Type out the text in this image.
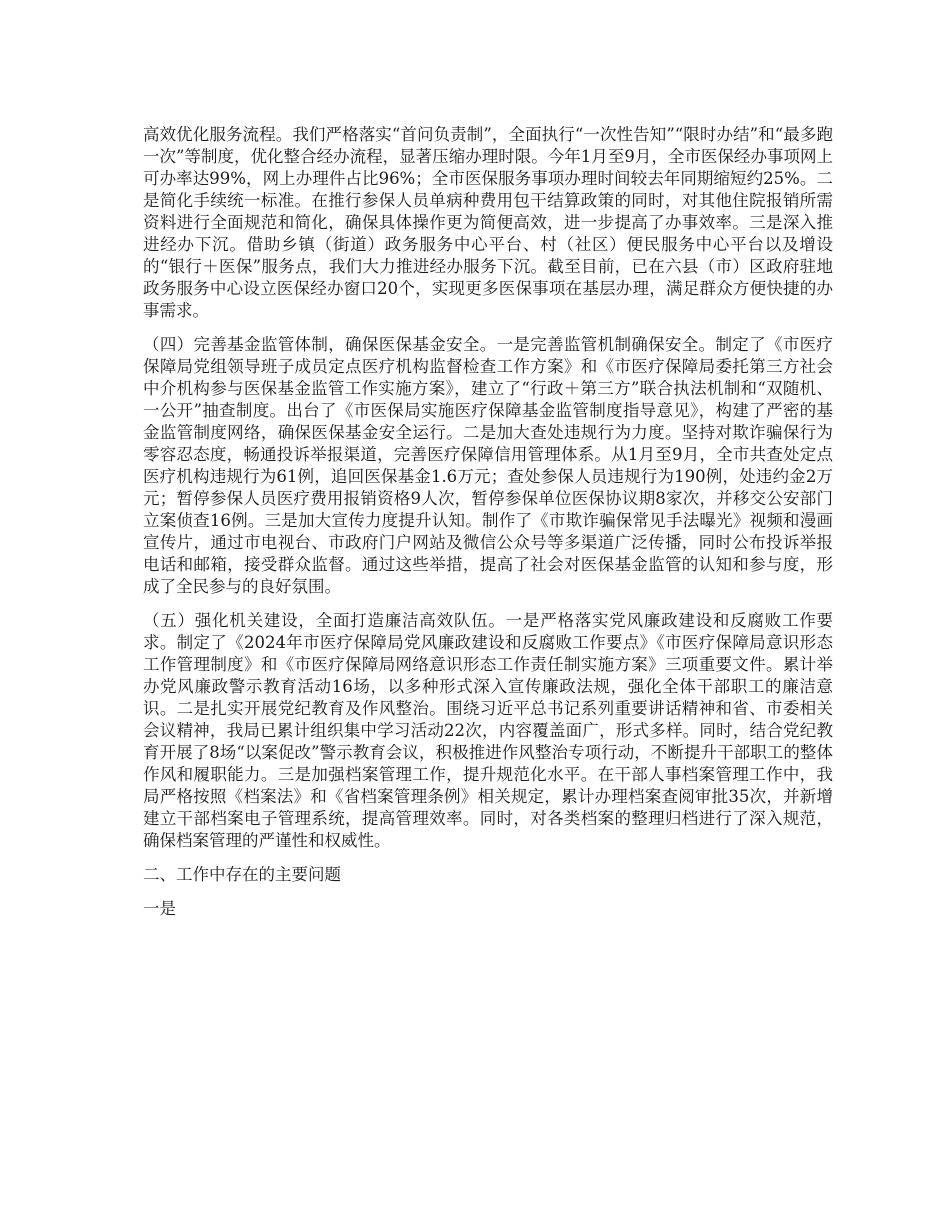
高效优化服务流程。我们严格落实“首问负责制”，全面执行“一次性告知”“限时办结”和“最多跑一次”等制度，优化整合经办流程，显著压缩办理时限。今年1月至9月，全市医保经办事项网上可办率达99%，网上办理件占比96%；全市医保服务事项办理时间较去年同期缩短约25%。二是简化手续统一标准。在推行参保人员单病种费用包干结算政策的同时，对其他住院报销所需资料进行全面规范和简化，确保具体操作更为简便高效，进一步提高了办事效率。三是深入推进经办下沉。借助乡镇（街道）政务服务中心平台、村（社区）便民服务中心平台以及增设的“银行＋医保”服务点，我们大力推进经办服务下沉。截至目前，已在六县（市）区政府驻地政务服务中心设立医保经办窗口20个，实现更多医保事项在基层办理，满足群众方便快捷的办事需求。

（四）完善基金监管体制，确保医保基金安全。一是完善监管机制确保安全。制定了《市医疗保障局党组领导班子成员定点医疗机构监督检查工作方案》和《市医疗保障局委托第三方社会中介机构参与医保基金监管工作实施方案》，建立了“行政＋第三方”联合执法机制和“双随机、一公开”抽查制度。出台了《市医保局实施医疗保障基金监管制度指导意见》，构建了严密的基金监管制度网络，确保医保基金安全运行。二是加大查处违规行为力度。坚持对欺诈骗保行为零容忍态度，畅通投诉举报渠道，完善医疗保障信用管理体系。从1月至9月，全市共查处定点医疗机构违规行为61例，追回医保基金1.6万元；查处参保人员违规行为190例，处违约金2万元；暂停参保人员医疗费用报销资格9人次，暂停参保单位医保协议期8家次，并移交公安部门立案侦查16例。三是加大宣传力度提升认知。制作了《市欺诈骗保常见手法曝光》视频和漫画宣传片，通过市电视台、市政府门户网站及微信公众号等多渠道广泛传播，同时公布投诉举报电话和邮箱，接受群众监督。通过这些举措，提高了社会对医保基金监管的认知和参与度，形成了全民参与的良好氛围。

（五）强化机关建设，全面打造廉洁高效队伍。一是严格落实党风廉政建设和反腐败工作要求。制定了《2024年市医疗保障局党风廉政建设和反腐败工作要点》《市医疗保障局意识形态工作管理制度》和《市医疗保障局网络意识形态工作责任制实施方案》三项重要文件。累计举办党风廉政警示教育活动16场，以多种形式深入宣传廉政法规，强化全体干部职工的廉洁意识。二是扎实开展党纪教育及作风整治。围绕习近平总书记系列重要讲话精神和省、市委相关会议精神，我局已累计组织集中学习活动22次，内容覆盖面广，形式多样。同时，结合党纪教育开展了8场“以案促改”警示教育会议，积极推进作风整治专项行动，不断提升干部职工的整体作风和履职能力。三是加强档案管理工作，提升规范化水平。在干部人事档案管理工作中，我局严格按照《档案法》和《省档案管理条例》相关规定，累计办理档案查阅审批35次，并新增建立干部档案电子管理系统，提高管理效率。同时，对各类档案的整理归档进行了深入规范，确保档案管理的严谨性和权威性。

二、工作中存在的主要问题

一是
